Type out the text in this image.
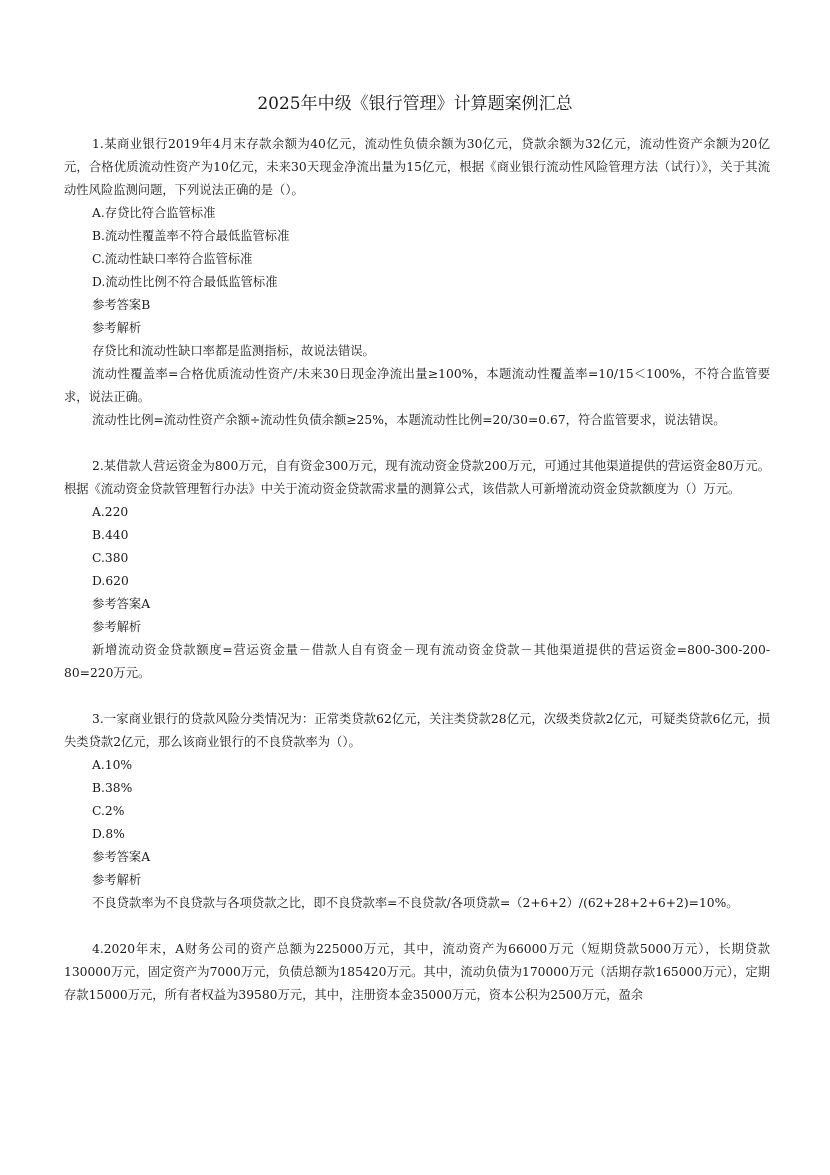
2025年中级《银行管理》计算题案例汇总

1.某商业银行2019年4月末存款余额为40亿元，流动性负债余额为30亿元，贷款余额为32亿元，流动性资产余额为20亿元，合格优质流动性资产为10亿元，未来30天现金净流出量为15亿元，根据《商业银行流动性风险管理方法（试行）》，关于其流动性风险监测问题，下列说法正确的是（）。

A.存贷比符合监管标准

B.流动性覆盖率不符合最低监管标准

C.流动性缺口率符合监管标准

D.流动性比例不符合最低监管标准

参考答案B

参考解析

存贷比和流动性缺口率都是监测指标，故说法错误。

流动性覆盖率=合格优质流动性资产/未来30日现金净流出量≥100%，本题流动性覆盖率=10/15＜100%，不符合监管要求，说法正确。

流动性比例=流动性资产余额÷流动性负债余额≥25%，本题流动性比例=20/30=0.67，符合监管要求，说法错误。

2.某借款人营运资金为800万元，自有资金300万元，现有流动资金贷款200万元，可通过其他渠道提供的营运资金80万元。根据《流动资金贷款管理暂行办法》中关于流动资金贷款需求量的测算公式，该借款人可新增流动资金贷款额度为（）万元。

A.220

B.440

C.380

D.620

参考答案A

参考解析

新增流动资金贷款额度=营运资金量－借款人自有资金－现有流动资金贷款－其他渠道提供的营运资金=800-300-200-80=220万元。

3.一家商业银行的贷款风险分类情况为：正常类贷款62亿元，关注类贷款28亿元，次级类贷款2亿元，可疑类贷款6亿元，损失类贷款2亿元，那么该商业银行的不良贷款率为（）。

A.10%

B.38%

C.2%

D.8%

参考答案A

参考解析

不良贷款率为不良贷款与各项贷款之比，即不良贷款率=不良贷款/各项贷款=（2+6+2）/(62+28+2+6+2)=10%。

4.2020年末，A财务公司的资产总额为225000万元，其中，流动资产为66000万元（短期贷款5000万元），长期贷款130000万元，固定资产为7000万元，负债总额为185420万元。其中，流动负债为170000万元（活期存款165000万元），定期存款15000万元，所有者权益为39580万元，其中，注册资本金35000万元，资本公积为2500万元，盈余
